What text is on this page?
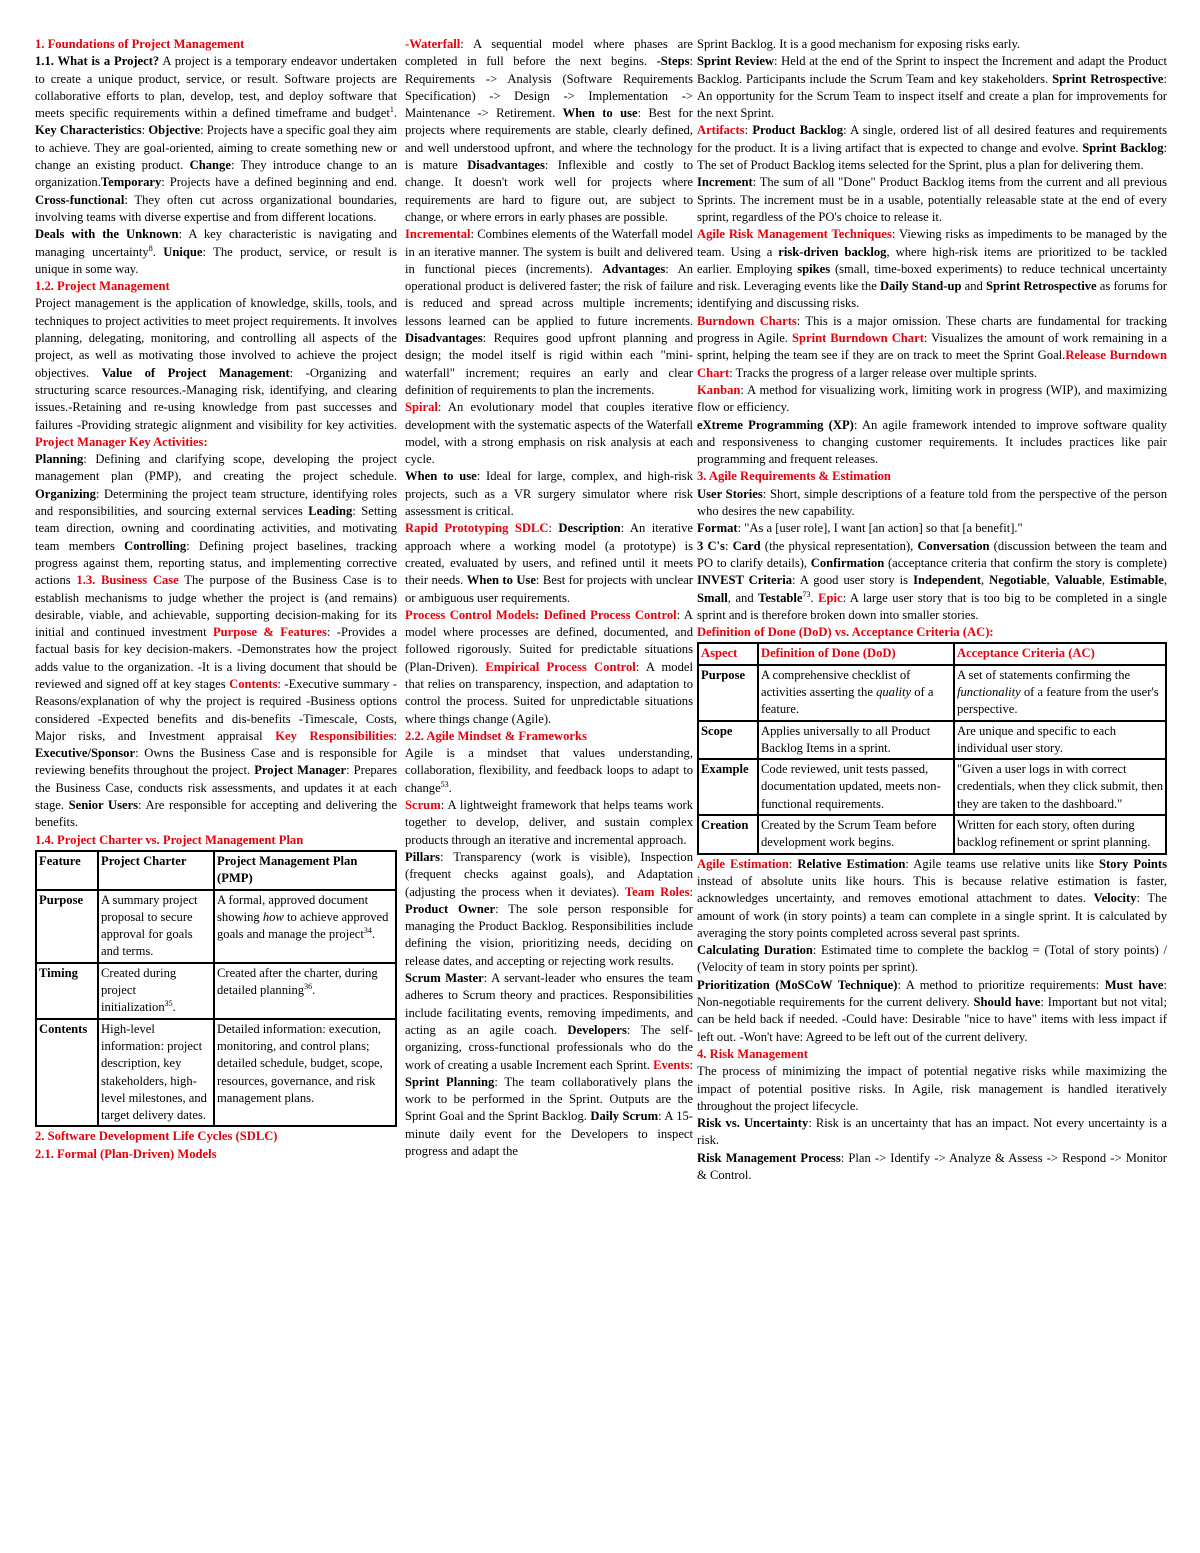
1. Foundations of Project Management
1.1. What is a Project? A project is a temporary endeavor undertaken to create a unique product, service, or result. Software projects are collaborative efforts to plan, develop, test, and deploy software that meets specific requirements within a defined timeframe and budget$^1$. Key Characteristics: Objective: Projects have a specific goal they aim to achieve. They are goal-oriented, aiming to create something new or change an existing product. Change: They introduce change to an organization.Temporary: Projects have a defined beginning and end. Cross-functional: They often cut across organizational boundaries, involving teams with diverse expertise and from different locations.
Deals with the Unknown: A key characteristic is navigating and managing uncertainty$^8$. Unique: The product, service, or result is unique in some way.
1.2. Project Management
Project management is the application of knowledge, skills, tools, and techniques to project activities to meet project requirements. It involves planning, delegating, monitoring, and controlling all aspects of the project, as well as motivating those involved to achieve the project objectives. Value of Project Management: -Organizing and structuring scarce resources.-Managing risk, identifying, and clearing issues.-Retaining and re-using knowledge from past successes and failures -Providing strategic alignment and visibility for key activities. Project Manager Key Activities:
Planning: Defining and clarifying scope, developing the project management plan (PMP), and creating the project schedule. Organizing: Determining the project team structure, identifying roles and responsibilities, and sourcing external services Leading: Setting team direction, owning and coordinating activities, and motivating team members Controlling: Defining project baselines, tracking progress against them, reporting status, and implementing corrective actions 1.3. Business Case The purpose of the Business Case is to establish mechanisms to judge whether the project is (and remains) desirable, viable, and achievable, supporting decision-making for its initial and continued investment Purpose & Features: -Provides a factual basis for key decision-makers. -Demonstrates how the project adds value to the organization. -It is a living document that should be reviewed and signed off at key stages Contents: -Executive summary -Reasons/explanation of why the project is required -Business options considered -Expected benefits and dis-benefits -Timescale, Costs, Major risks, and Investment appraisal Key Responsibilities: Executive/Sponsor: Owns the Business Case and is responsible for reviewing benefits throughout the project. Project Manager: Prepares the Business Case, conducts risk assessments, and updates it at each stage. Senior Users: Are responsible for accepting and delivering the benefits.
1.4. Project Charter vs. Project Management Plan

Feature	Project Charter	Project Management Plan (PMP)
Purpose	A summary project proposal to secure approval for goals and terms.	A formal, approved document showing how to achieve approved goals and manage the project$^{34}$.
Timing	Created during project initialization$^{35}$.	Created after the charter, during detailed planning$^{36}$.
Contents	High-level information: project description, key stakeholders, high-level milestones, and target delivery dates.	Detailed information: execution, monitoring, and control plans; detailed schedule, budget, scope, resources, governance, and risk management plans.

2. Software Development Life Cycles (SDLC)
2.1. Formal (Plan-Driven) Models

-Waterfall: A sequential model where phases are completed in full before the next begins. -Steps: Requirements -> Analysis (Software Requirements Specification) -> Design -> Implementation -> Maintenance -> Retirement. When to use: Best for projects where requirements are stable, clearly defined, and well understood upfront, and where the technology is mature Disadvantages: Inflexible and costly to change. It doesn't work well for projects where requirements are hard to figure out, are subject to change, or where errors in early phases are possible.
Incremental: Combines elements of the Waterfall model in an iterative manner. The system is built and delivered in functional pieces (increments). Advantages: An operational product is delivered faster; the risk of failure is reduced and spread across multiple increments; lessons learned can be applied to future increments. Disadvantages: Requires good upfront planning and design; the model itself is rigid within each "mini-waterfall" increment; requires an early and clear definition of requirements to plan the increments.
Spiral: An evolutionary model that couples iterative development with the systematic aspects of the Waterfall model, with a strong emphasis on risk analysis at each cycle.
When to use: Ideal for large, complex, and high-risk projects, such as a VR surgery simulator where risk assessment is critical.
Rapid Prototyping SDLC: Description: An iterative approach where a working model (a prototype) is created, evaluated by users, and refined until it meets their needs. When to Use: Best for projects with unclear or ambiguous user requirements.
Process Control Models: Defined Process Control: A model where processes are defined, documented, and followed rigorously. Suited for predictable situations (Plan-Driven). Empirical Process Control: A model that relies on transparency, inspection, and adaptation to control the process. Suited for unpredictable situations where things change (Agile).
2.2. Agile Mindset & Frameworks
Agile is a mindset that values understanding, collaboration, flexibility, and feedback loops to adapt to change$^{53}$.
Scrum: A lightweight framework that helps teams work together to develop, deliver, and sustain complex products through an iterative and incremental approach.
Pillars: Transparency (work is visible), Inspection (frequent checks against goals), and Adaptation (adjusting the process when it deviates). Team Roles: Product Owner: The sole person responsible for managing the Product Backlog. Responsibilities include defining the vision, prioritizing needs, deciding on release dates, and accepting or rejecting work results.
Scrum Master: A servant-leader who ensures the team adheres to Scrum theory and practices. Responsibilities include facilitating events, removing impediments, and acting as an agile coach. Developers: The self-organizing, cross-functional professionals who do the work of creating a usable Increment each Sprint. Events: Sprint Planning: The team collaboratively plans the work to be performed in the Sprint. Outputs are the Sprint Goal and the Sprint Backlog. Daily Scrum: A 15-minute daily event for the Developers to inspect progress and adapt the

Sprint Backlog. It is a good mechanism for exposing risks early.
Sprint Review: Held at the end of the Sprint to inspect the Increment and adapt the Product Backlog. Participants include the Scrum Team and key stakeholders. Sprint Retrospective: An opportunity for the Scrum Team to inspect itself and create a plan for improvements for the next Sprint.
Artifacts: Product Backlog: A single, ordered list of all desired features and requirements for the product. It is a living artifact that is expected to change and evolve. Sprint Backlog: The set of Product Backlog items selected for the Sprint, plus a plan for delivering them.
Increment: The sum of all "Done" Product Backlog items from the current and all previous Sprints. The increment must be in a usable, potentially releasable state at the end of every sprint, regardless of the PO's choice to release it.
Agile Risk Management Techniques: Viewing risks as impediments to be managed by the team. Using a risk-driven backlog, where high-risk items are prioritized to be tackled earlier. Employing spikes (small, time-boxed experiments) to reduce technical uncertainty and risk. Leveraging events like the Daily Stand-up and Sprint Retrospective as forums for identifying and discussing risks.
Burndown Charts: This is a major omission. These charts are fundamental for tracking progress in Agile. Sprint Burndown Chart: Visualizes the amount of work remaining in a sprint, helping the team see if they are on track to meet the Sprint Goal.Release Burndown Chart: Tracks the progress of a larger release over multiple sprints.
Kanban: A method for visualizing work, limiting work in progress (WIP), and maximizing flow or efficiency.
eXtreme Programming (XP): An agile framework intended to improve software quality and responsiveness to changing customer requirements. It includes practices like pair programming and frequent releases.
3. Agile Requirements & Estimation
User Stories: Short, simple descriptions of a feature told from the perspective of the person who desires the new capability.
Format: "As a [user role], I want [an action] so that [a benefit]."
3 C's: Card (the physical representation), Conversation (discussion between the team and PO to clarify details), Confirmation (acceptance criteria that confirm the story is complete) INVEST Criteria: A good user story is Independent, Negotiable, Valuable, Estimable, Small, and Testable$^{73}$. Epic: A large user story that is too big to be completed in a single sprint and is therefore broken down into smaller stories.
Definition of Done (DoD) vs. Acceptance Criteria (AC):

Aspect	Definition of Done (DoD)	Acceptance Criteria (AC)
Purpose	A comprehensive checklist of activities asserting the quality of a feature.	A set of statements confirming the functionality of a feature from the user's perspective.
Scope	Applies universally to all Product Backlog Items in a sprint.	Are unique and specific to each individual user story.
Example	Code reviewed, unit tests passed, documentation updated, meets non-functional requirements.	"Given a user logs in with correct credentials, when they click submit, then they are taken to the dashboard."
Creation	Created by the Scrum Team before development work begins.	Written for each story, often during backlog refinement or sprint planning.

Agile Estimation: Relative Estimation: Agile teams use relative units like Story Points instead of absolute units like hours. This is because relative estimation is faster, acknowledges uncertainty, and removes emotional attachment to dates. Velocity: The amount of work (in story points) a team can complete in a single sprint. It is calculated by averaging the story points completed across several past sprints.
Calculating Duration: Estimated time to complete the backlog = (Total of story points) / (Velocity of team in story points per sprint).
Prioritization (MoSCoW Technique): A method to prioritize requirements: Must have: Non-negotiable requirements for the current delivery. Should have: Important but not vital; can be held back if needed. -Could have: Desirable "nice to have" items with less impact if left out. -Won't have: Agreed to be left out of the current delivery.
4. Risk Management
The process of minimizing the impact of potential negative risks while maximizing the impact of potential positive risks. In Agile, risk management is handled iteratively throughout the project lifecycle.
Risk vs. Uncertainty: Risk is an uncertainty that has an impact. Not every uncertainty is a risk.
Risk Management Process: Plan -> Identify -> Analyze & Assess -> Respond -> Monitor & Control.
